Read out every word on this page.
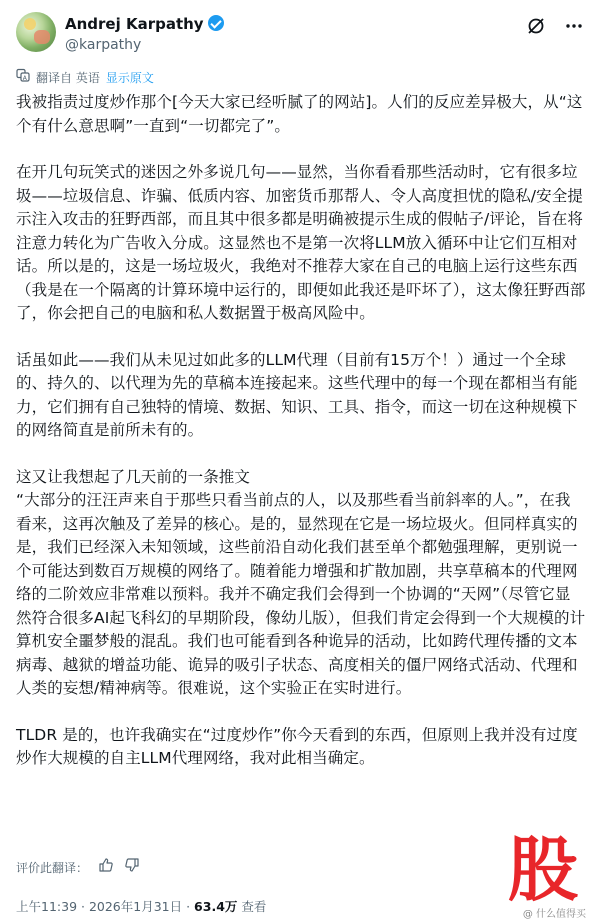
Andrej Karpathy
@karpathy
A 翻译自 英语 显示原文

我被指责过度炒作那个[今天大家已经听腻了的网站]。人们的反应差异极大，从“这个有什么意思啊”一直到“一切都完了”。

在开几句玩笑式的迷因之外多说几句——显然，当你看看那些活动时，它有很多垃圾——垃圾信息、诈骗、低质内容、加密货币那帮人、令人高度担忧的隐私/安全提示注入攻击的狂野西部，而且其中很多都是明确被提示生成的假帖子/评论，旨在将注意力转化为广告收入分成。这显然也不是第一次将LLM放入循环中让它们互相对话。所以是的，这是一场垃圾火，我绝对不推荐大家在自己的电脑上运行这些东西（我是在一个隔离的计算环境中运行的，即便如此我还是吓坏了），这太像狂野西部了，你会把自己的电脑和私人数据置于极高风险中。

话虽如此——我们从未见过如此多的LLM代理（目前有15万个！）通过一个全球的、持久的、以代理为先的草稿本连接起来。这些代理中的每一个现在都相当有能力，它们拥有自己独特的情境、数据、知识、工具、指令，而这一切在这种规模下的网络简直是前所未有的。

这又让我想起了几天前的一条推文
“大部分的汪汪声来自于那些只看当前点的人，以及那些看当前斜率的人。”，在我看来，这再次触及了差异的核心。是的，显然现在它是一场垃圾火。但同样真实的是，我们已经深入未知领域，这些前沿自动化我们甚至单个都勉强理解，更别说一个可能达到数百万规模的网络了。随着能力增强和扩散加剧，共享草稿本的代理网络的二阶效应非常难以预料。我并不确定我们会得到一个协调的“天网”（尽管它显然符合很多AI起飞科幻的早期阶段，像幼儿版），但我们肯定会得到一个大规模的计算机安全噩梦般的混乱。我们也可能看到各种诡异的活动，比如跨代理传播的文本病毒、越狱的增益功能、诡异的吸引子状态、高度相关的僵尸网络式活动、代理和人类的妄想/精神病等。很难说，这个实验正在实时进行。

TLDR 是的，也许我确实在“过度炒作”你今天看到的东西，但原则上我并没有过度炒作大规模的自主LLM代理网络，我对此相当确定。

评价此翻译：
上午11:39 · 2026年1月31日 · 63.4万 查看	股
@ 什么值得买
